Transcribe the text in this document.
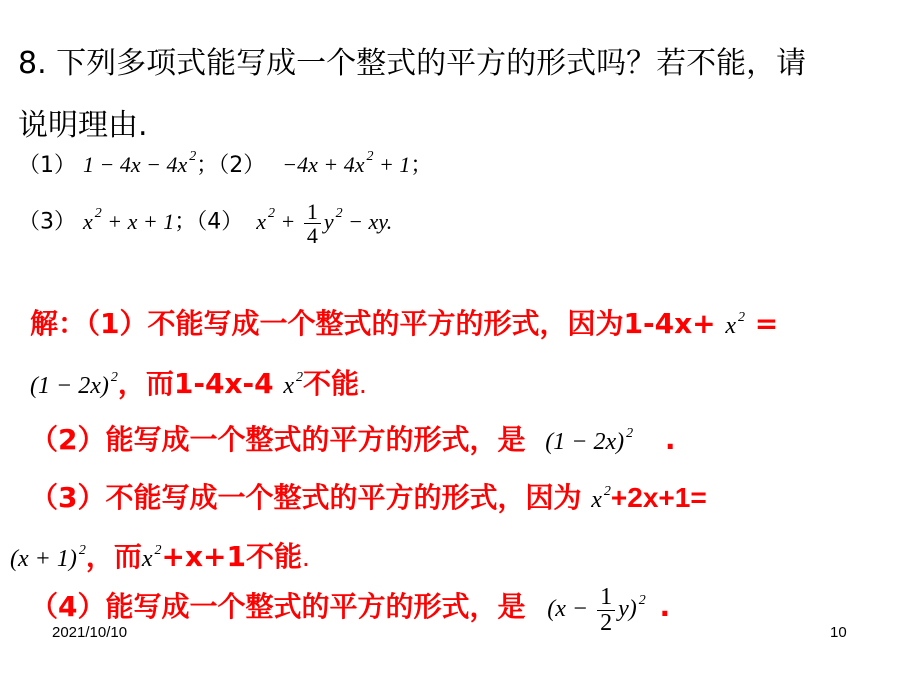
8. 下列多项式能写成一个整式的平方的形式吗？若不能，请
说明理由.
（1） 1 − 4x − 4x $^2$；（2） −4x + 4x $^2$ + 1；
（3） x $^2$ + x + 1；（4） x $^2 + \frac{1}{4}$ y $^2$ − xy.
解：（1）不能写成一个整式的平方的形式，因为1-4x+ x $^2$ =
(1 − 2x) $^2$，而1-4x-4 x $^2$不能.
（2）能写成一个整式的平方的形式，是 (1 − 2x) $^2$ .
（3）不能写成一个整式的平方的形式，因为 x $^2$+2x+1=
(x + 1) $^2$，而x $^2$+x+1不能.
（4）能写成一个整式的平方的形式，是 $(x - \frac{1}{2} y)$ $^2$ .
2021/10/10	10
